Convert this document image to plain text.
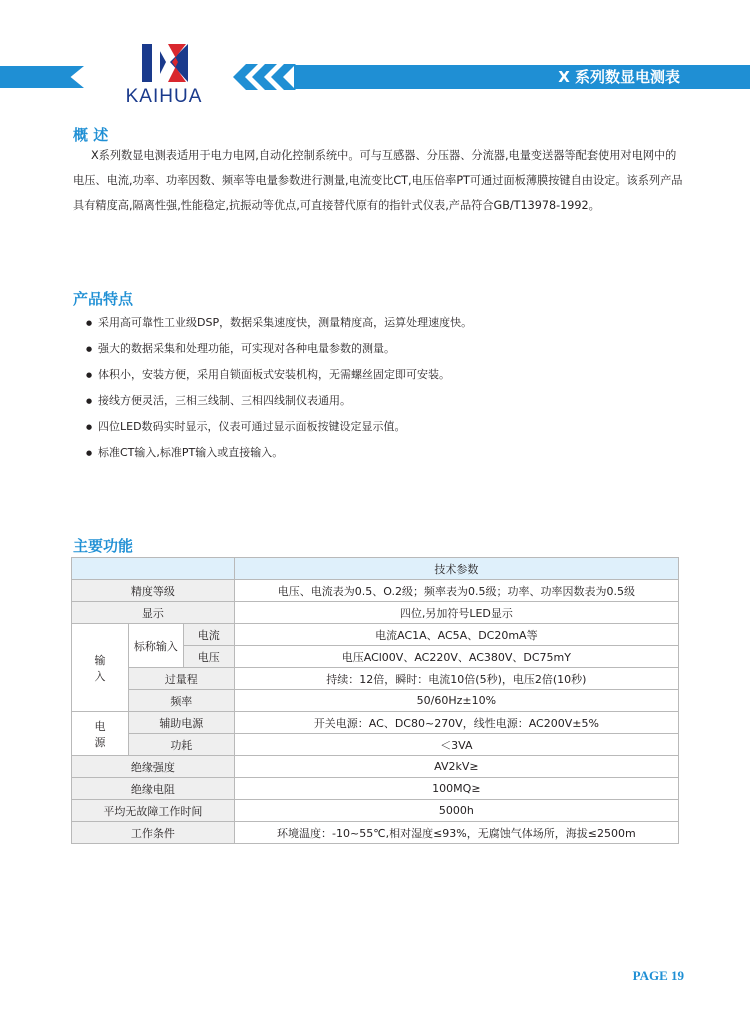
KAIHUA
X 系列数显电测表
概 述
X系列数显电测表适用于电力电网,自动化控制系统中。可与互感器、分压器、分流器,电量变送器等配套使用对电网中的
电压、电流,功率、功率因数、频率等电量参数进行测量,电流变比CT,电压倍率PT可通过面板薄膜按键自由设定。该系列产品
具有精度高,隔离性强,性能稳定,抗振动等优点,可直接替代原有的指针式仪表,产品符合GB/T13978-1992。
产品特点
● 采用高可靠性工业级DSP，数据采集速度快，测量精度高，运算处理速度快。
● 强大的数据采集和处理功能，可实现对各种电量参数的测量。
● 体积小，安装方便，采用自锁面板式安装机构，无需螺丝固定即可安装。
● 接线方便灵活，三相三线制、三相四线制仪表通用。
● 四位LED数码实时显示，仪表可通过显示面板按键设定显示值。
● 标准CT输入,标准PT输入或直接输入。
主要功能
			技术参数
精度等级			电压、电流表为0.5、O.2级；频率表为0.5级；功率、功率因数表为0.5级
显示			四位,另加符号LED显示
输
入	标称输入	电流	电流AC1A、AC5A、DC20mA等
		电压	电压ACl00V、AC220V、AC380V、DC75mY
	过量程		持续：12倍，瞬时：电流10倍(5秒)，电压2倍(10秒)
	频率		50/60Hz±10%
电
源	辅助电源		开关电源：AC、DC80~270V，线性电源：AC200V±5%
	功耗		＜3VA
绝缘强度			AV2kV≥
绝缘电阻			100MQ≥
平均无故障工作时间			5000h
工作条件			环境温度：-10~55℃,相对湿度≤93%，无腐蚀气体场所，海拔≤2500m
PAGE 19
